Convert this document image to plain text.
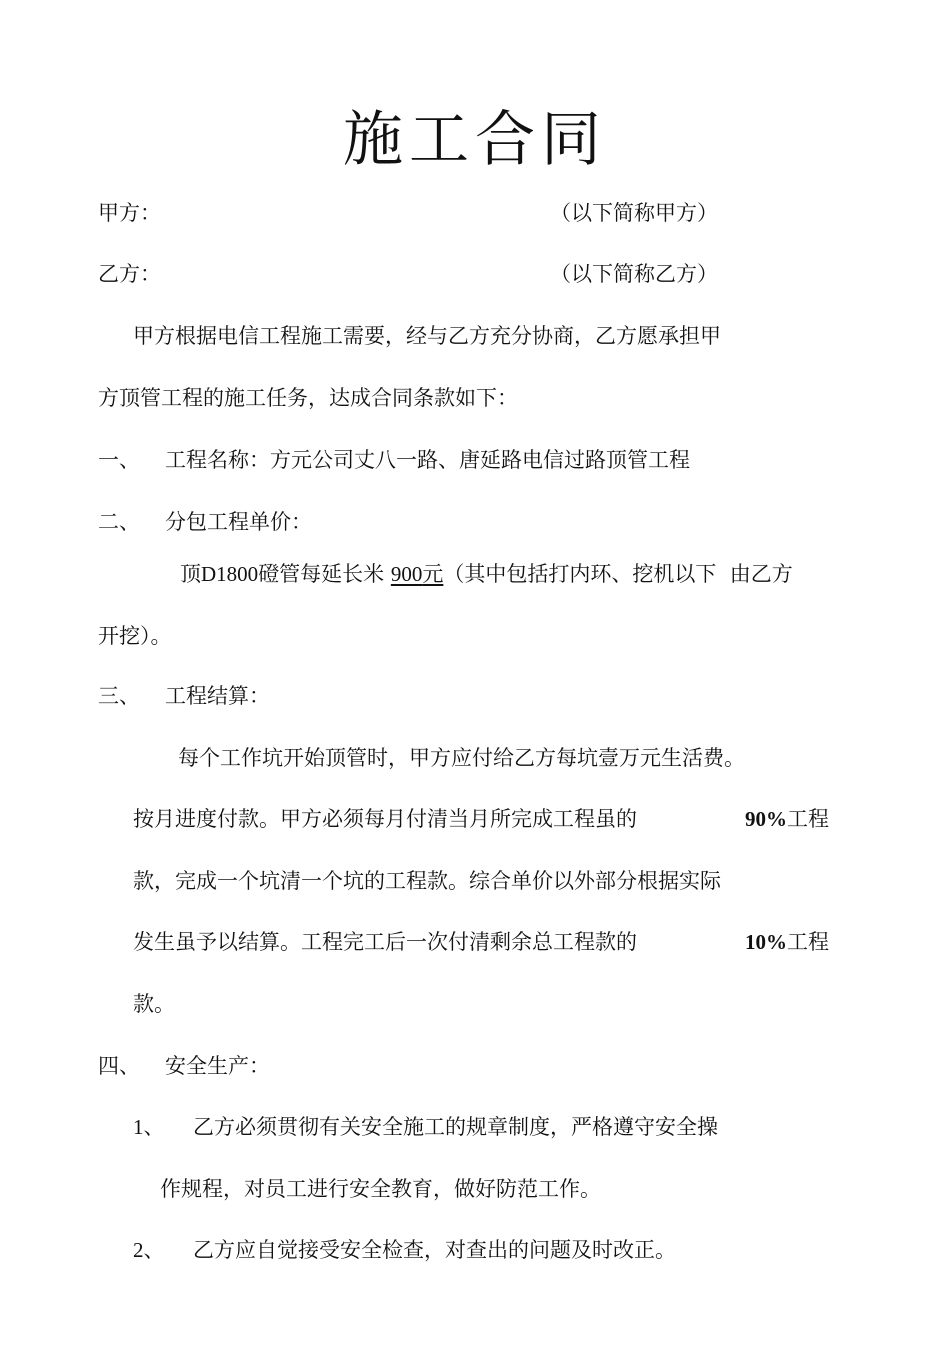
施工合同
甲方：	（以下简称甲方）
乙方：	（以下简称乙方）
甲方根据电信工程施工需要，经与乙方充分协商，乙方愿承担甲
方顶管工程的施工任务，达成合同条款如下：
一、 工程名称：方元公司丈八一路、唐延路电信过路顶管工程
二、 分包工程单价：
顶D1800磴管每延长米 900元（其中包括打内环、挖机以下 由乙方
开挖）。
三、 工程结算：
每个工作坑开始顶管时，甲方应付给乙方每坑壹万元生活费。
按月进度付款。甲方必须每月付清当月所完成工程虽的	90%工程
款，完成一个坑清一个坑的工程款。综合单价以外部分根据实际
发生虽予以结算。工程完工后一次付清剩余总工程款的	10%工程
款。
四、 安全生产：
1、 乙方必须贯彻有关安全施工的规章制度，严格遵守安全操
作规程，对员工进行安全教育，做好防范工作。
2、 乙方应自觉接受安全检查，对查出的问题及时改正。
